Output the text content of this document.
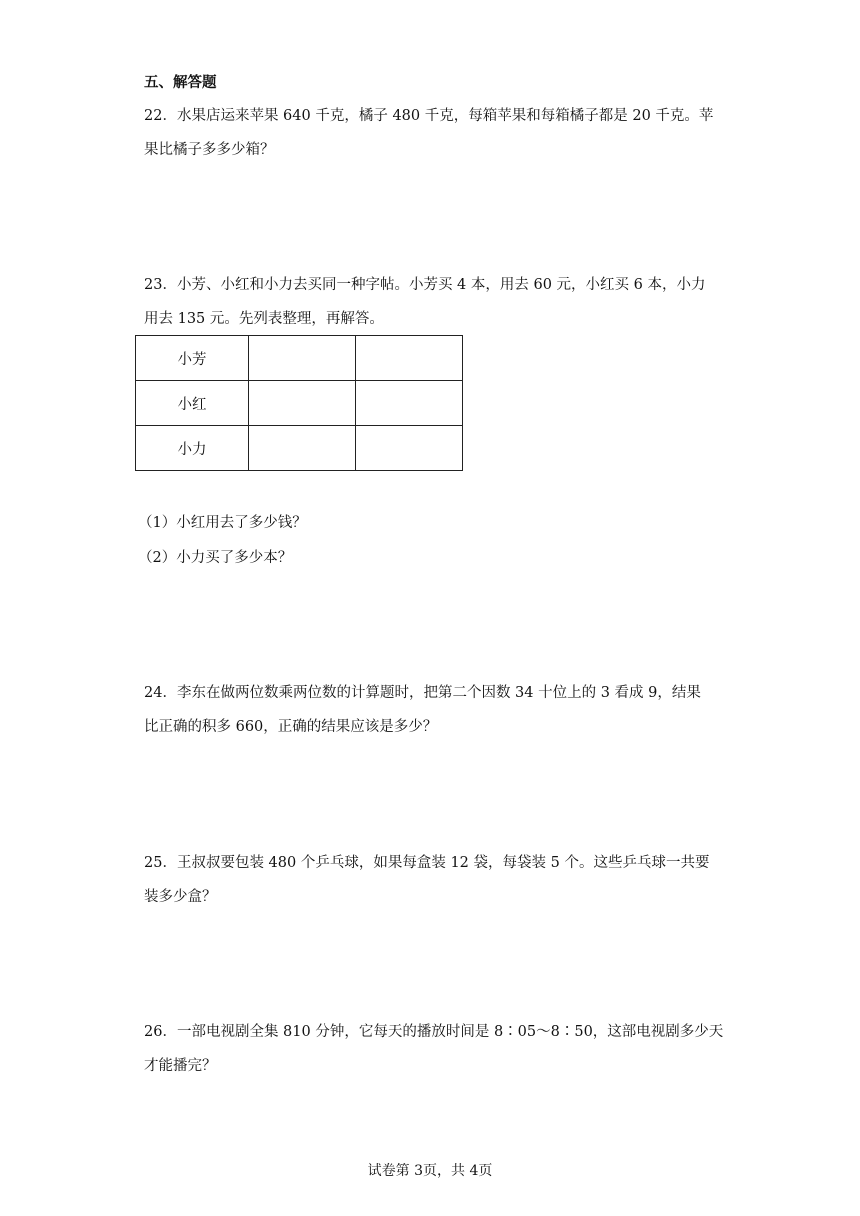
五、解答题
22．水果店运来苹果 640 千克，橘子 480 千克，每箱苹果和每箱橘子都是 20 千克。苹
果比橘子多多少箱？
23．小芳、小红和小力去买同一种字帖。小芳买 4 本，用去 60 元，小红买 6 本，小力
用去 135 元。先列表整理，再解答。
小芳		
小红		
小力		
（1）小红用去了多少钱？
（2）小力买了多少本？
24．李东在做两位数乘两位数的计算题时，把第二个因数 34 十位上的 3 看成 9，结果
比正确的积多 660，正确的结果应该是多少？
25．王叔叔要包装 480 个乒乓球，如果每盒装 12 袋，每袋装 5 个。这些乒乓球一共要
装多少盒？
26．一部电视剧全集 810 分钟，它每天的播放时间是 8∶05～8∶50，这部电视剧多少天
才能播完？
试卷第 3页，共 4页
